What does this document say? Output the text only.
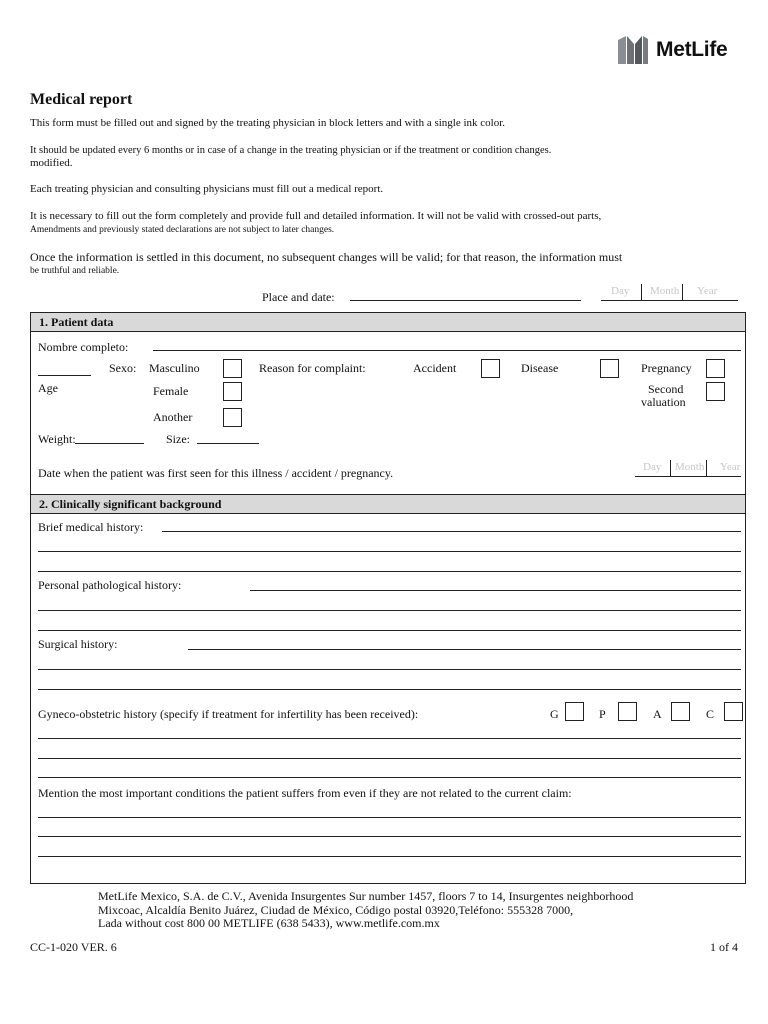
MetLife
Medical report
This form must be filled out and signed by the treating physician in block letters and with a single ink color.
It should be updated every 6 months or in case of a change in the treating physician or if the treatment or condition changes.
modified.
Each treating physician and consulting physicians must fill out a medical report.
It is necessary to fill out the form completely and provide full and detailed information. It will not be valid with crossed-out parts,
Amendments and previously stated declarations are not subject to later changes.
Once the information is settled in this document, no subsequent changes will be valid; for that reason, the information must
be truthful and reliable.
Place and date:	Day Month Year
1. Patient data
Nombre completo:
Age
Sexo: Masculino
Female
Another
Reason for complaint:	Accident	Disease	Pregnancy
Second
valuation
Weight:	Size:
Date when the patient was first seen for this illness / accident / pregnancy.	Day Month Year
2. Clinically significant background
Brief medical history:
Personal pathological history:
Surgical history:
Gyneco-obstetric history (specify if treatment for infertility has been received):	G	P	A	C
Mention the most important conditions the patient suffers from even if they are not related to the current claim:
MetLife Mexico, S.A. de C.V., Avenida Insurgentes Sur number 1457, floors 7 to 14, Insurgentes neighborhood
Mixcoac, Alcaldía Benito Juárez, Ciudad de México, Código postal 03920,Teléfono: 555328 7000,
Lada without cost 800 00 METLIFE (638 5433), www.metlife.com.mx
CC-1-020 VER. 6	1 of 4
